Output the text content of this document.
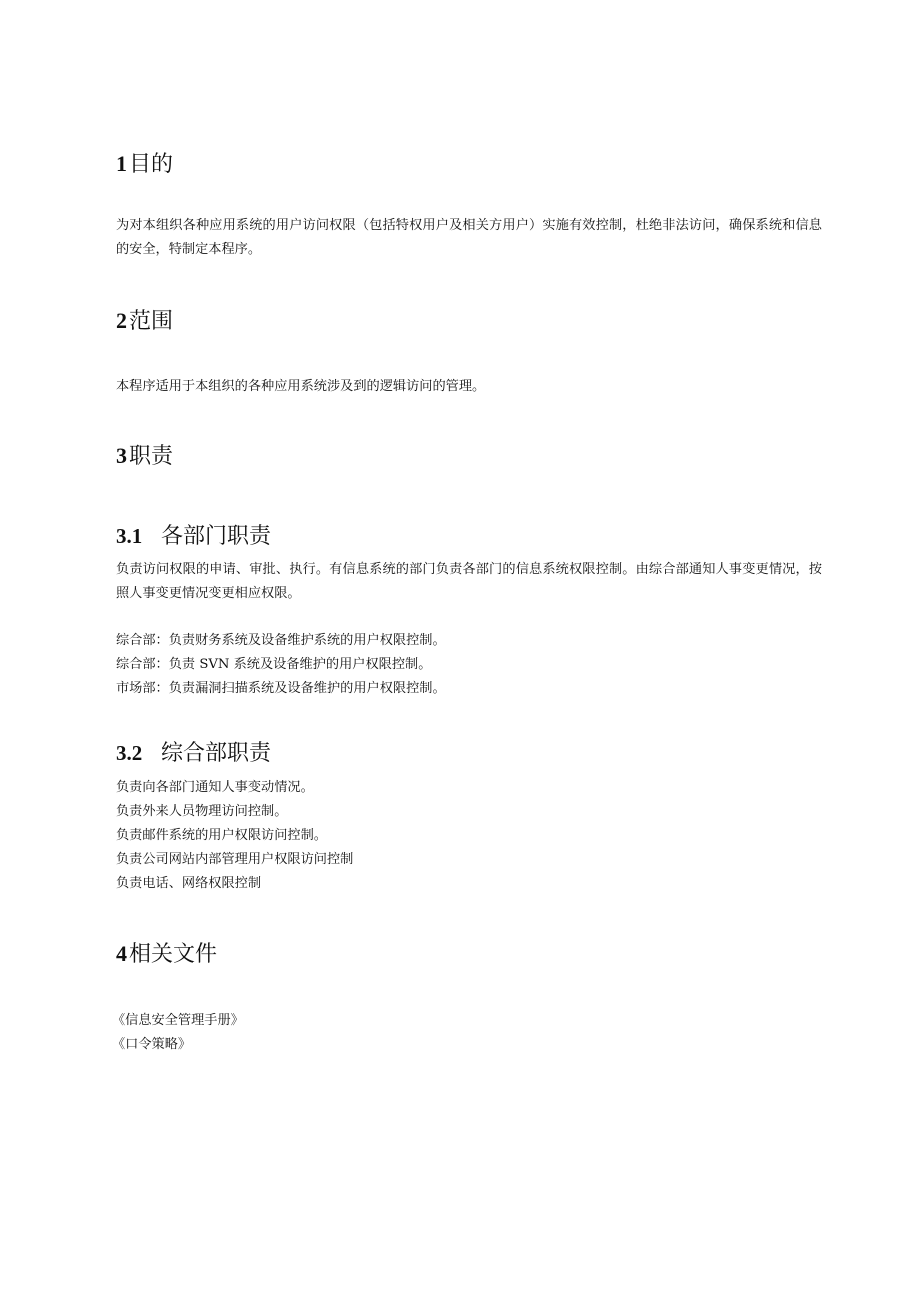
1目的

为对本组织各种应用系统的用户访问权限（包括特权用户及相关方用户）实施有效控制，杜绝非法访问，确保系统和信息的安全，特制定本程序。

2范围

本程序适用于本组织的各种应用系统涉及到的逻辑访问的管理。

3职责
3.1 各部门职责

负责访问权限的申请、审批、执行。有信息系统的部门负责各部门的信息系统权限控制。由综合部通知人事变更情况，按照人事变更情况变更相应权限。

综合部：负责财务系统及设备维护系统的用户权限控制。
综合部：负责 SVN 系统及设备维护的用户权限控制。
市场部：负责漏洞扫描系统及设备维护的用户权限控制。
3.2 综合部职责
负责向各部门通知人事变动情况。
负责外来人员物理访问控制。
负责邮件系统的用户权限访问控制。
负责公司网站内部管理用户权限访问控制
负责电话、网络权限控制
4相关文件
《信息安全管理手册》
《口令策略》
